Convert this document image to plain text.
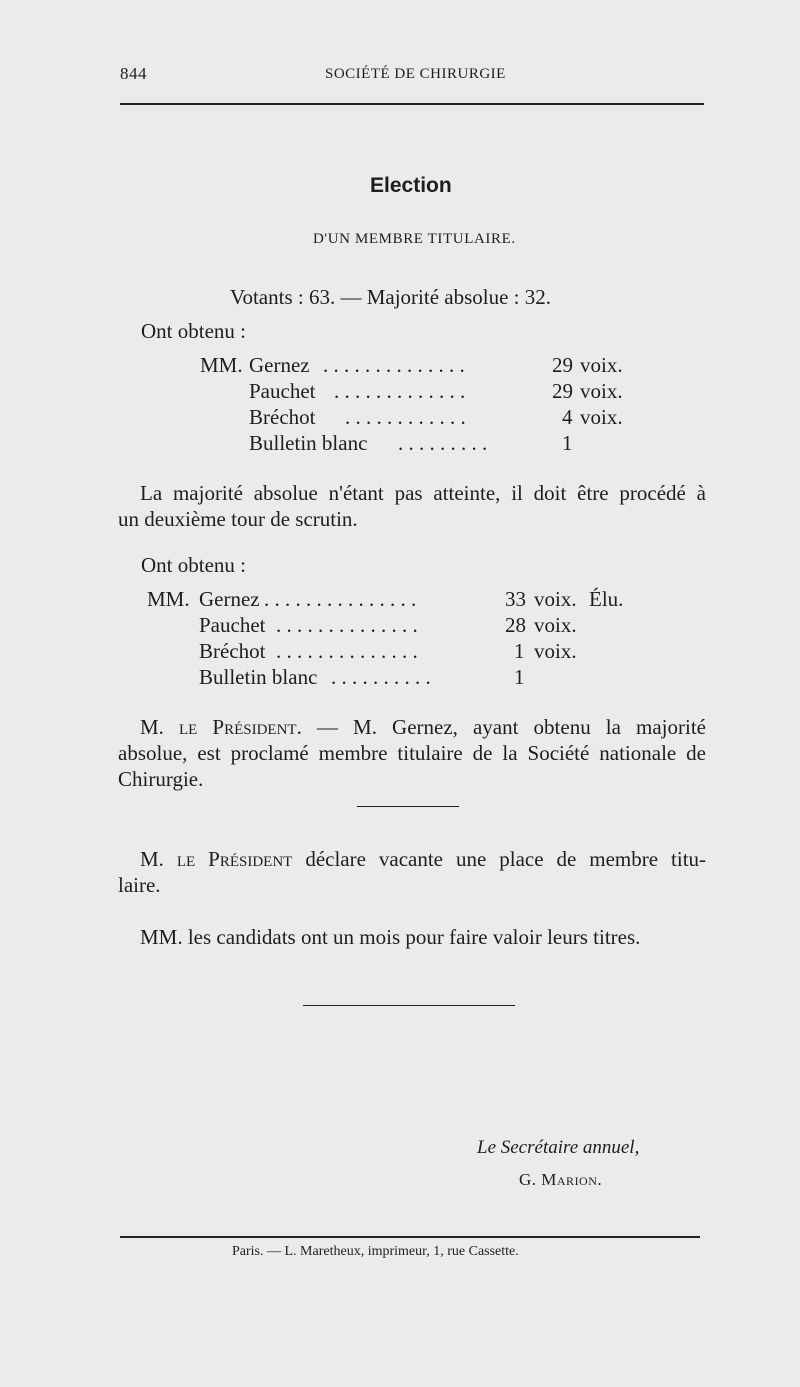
844	SOCIÉTÉ DE CHIRURGIE
Election
D'UN MEMBRE TITULAIRE.
Votants : 63. — Majorité absolue : 32.
Ont obtenu :
MM. Gernez . . . . . . . . . . . . . .	29 voix.
Pauchet . . . . . . . . . . . . .	29 voix.
Bréchot . . . . . . . . . . . .	4 voix.
Bulletin blanc . . . . . . . . .	1
La majorité absolue n'étant pas atteinte, il doit être procédé à
un deuxième tour de scrutin.
Ont obtenu :
MM. Gernez . . . . . . . . . . . . . . .	33 voix. Élu.
Pauchet . . . . . . . . . . . . . .	28 voix.
Bréchot . . . . . . . . . . . . . .	1 voix.
Bulletin blanc . . . . . . . . . .	1
M. le Président. — M. Gernez, ayant obtenu la majorité
absolue, est proclamé membre titulaire de la Société nationale de
Chirurgie.
M. le Président déclare vacante une place de membre titu-
laire.
MM. les candidats ont un mois pour faire valoir leurs titres.
Le Secrétaire annuel,
G. Marion.
Paris. — L. Maretheux, imprimeur, 1, rue Cassette.
